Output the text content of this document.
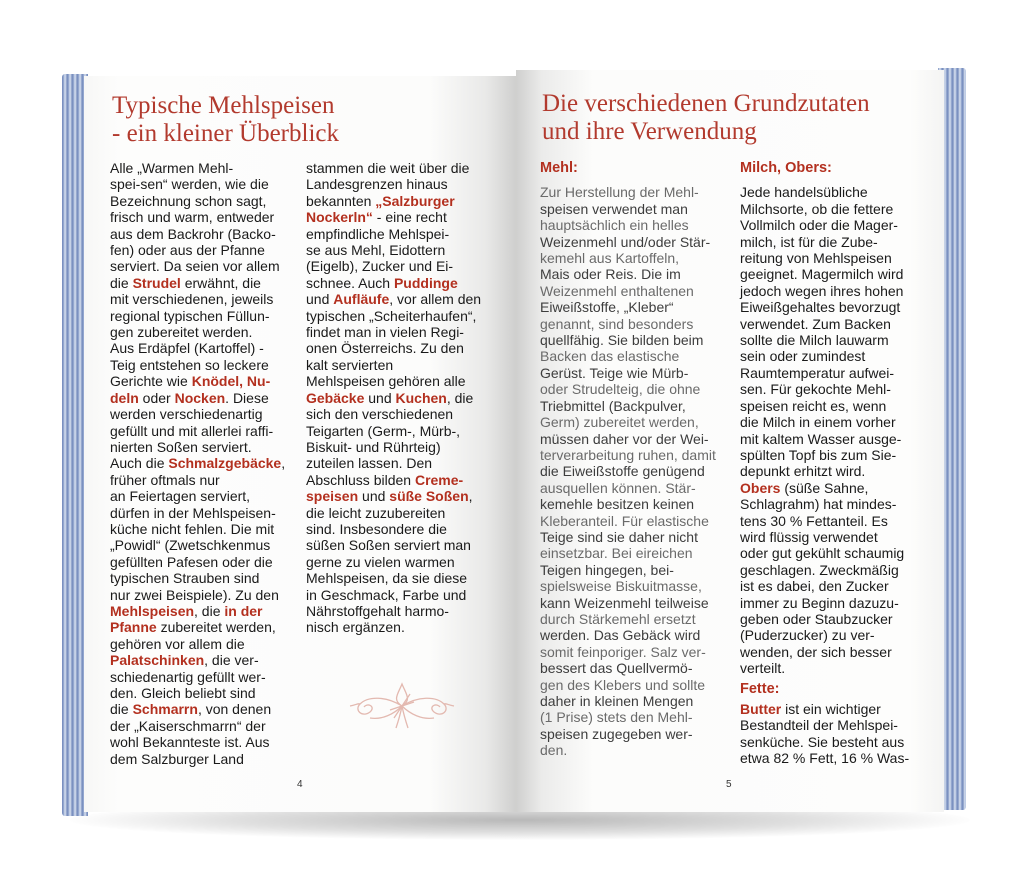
Typische Mehlspeisen
- ein kleiner Überblick
Alle „Warmen Mehl-
spei-sen“ werden, wie die
Bezeichnung schon sagt,
frisch und warm, entweder
aus dem Backrohr (Backo-
fen) oder aus der Pfanne
serviert. Da seien vor allem
die Strudel erwähnt, die
mit verschiedenen, jeweils
regional typischen Füllun-
gen zubereitet werden.
Aus Erdäpfel (Kartoffel) -
Teig entstehen so leckere
Gerichte wie Knödel, Nu-
deln oder Nocken. Diese
werden verschiedenartig
gefüllt und mit allerlei raffi-
nierten Soßen serviert.
Auch die Schmalzgebäcke,
früher oftmals nur
an Feiertagen serviert,
dürfen in der Mehlspeisen-
küche nicht fehlen. Die mit
„Powidl“ (Zwetschkenmus
gefüllten Pafesen oder die
typischen Strauben sind
nur zwei Beispiele). Zu den
Mehlspeisen, die in der
Pfanne zubereitet werden,
gehören vor allem die
Palatschinken, die ver-
schiedenartig gefüllt wer-
den. Gleich beliebt sind
die Schmarrn, von denen
der „Kaiserschmarrn“ der
wohl Bekannteste ist. Aus
dem Salzburger Land
stammen die weit über die
Landesgrenzen hinaus
bekannten „Salzburger
Nockerln“ - eine recht
empfindliche Mehlspei-
se aus Mehl, Eidottern
(Eigelb), Zucker und Ei-
schnee. Auch Puddinge
und Aufläufe, vor allem den
typischen „Scheiterhaufen“,
findet man in vielen Regi-
onen Österreichs. Zu den
kalt servierten
Mehlspeisen gehören alle
Gebäcke und Kuchen, die
sich den verschiedenen
Teigarten (Germ-, Mürb-,
Biskuit- und Rührteig)
zuteilen lassen. Den
Abschluss bilden Creme-
speisen und süße Soßen,
die leicht zuzubereiten
sind. Insbesondere die
süßen Soßen serviert man
gerne zu vielen warmen
Mehlspeisen, da sie diese
in Geschmack, Farbe und
Nährstoffgehalt harmo-
nisch ergänzen.
4
Die verschiedenen Grundzutaten
und ihre Verwendung
Mehl:
Zur Herstellung der Mehl-
speisen verwendet man
hauptsächlich ein helles
Weizenmehl und/oder Stär-
kemehl aus Kartoffeln,
Mais oder Reis. Die im
Weizenmehl enthaltenen
Eiweißstoffe, „Kleber“
genannt, sind besonders
quellfähig. Sie bilden beim
Backen das elastische
Gerüst. Teige wie Mürb-
oder Strudelteig, die ohne
Triebmittel (Backpulver,
Germ) zubereitet werden,
müssen daher vor der Wei-
terverarbeitung ruhen, damit
die Eiweißstoffe genügend
ausquellen können. Stär-
kemehle besitzen keinen
Kleberanteil. Für elastische
Teige sind sie daher nicht
einsetzbar. Bei eireichen
Teigen hingegen, bei-
spielsweise Biskuitmasse,
kann Weizenmehl teilweise
durch Stärkemehl ersetzt
werden. Das Gebäck wird
somit feinporiger. Salz ver-
bessert das Quellvermö-
gen des Klebers und sollte
daher in kleinen Mengen
(1 Prise) stets den Mehl-
speisen zugegeben wer-
den.
Milch, Obers:
Jede handelsübliche
Milchsorte, ob die fettere
Vollmilch oder die Mager-
milch, ist für die Zube-
reitung von Mehlspeisen
geeignet. Magermilch wird
jedoch wegen ihres hohen
Eiweißgehaltes bevorzugt
verwendet. Zum Backen
sollte die Milch lauwarm
sein oder zumindest
Raumtemperatur aufwei-
sen. Für gekochte Mehl-
speisen reicht es, wenn
die Milch in einem vorher
mit kaltem Wasser ausge-
spülten Topf bis zum Sie-
depunkt erhitzt wird.
Obers (süße Sahne,
Schlagrahm) hat mindes-
tens 30 % Fettanteil. Es
wird flüssig verwendet
oder gut gekühlt schaumig
geschlagen. Zweckmäßig
ist es dabei, den Zucker
immer zu Beginn dazuzu-
geben oder Staubzucker
(Puderzucker) zu ver-
wenden, der sich besser
verteilt.
Fette:
Butter ist ein wichtiger
Bestandteil der Mehlspei-
senküche. Sie besteht aus
etwa 82 % Fett, 16 % Was-
5
